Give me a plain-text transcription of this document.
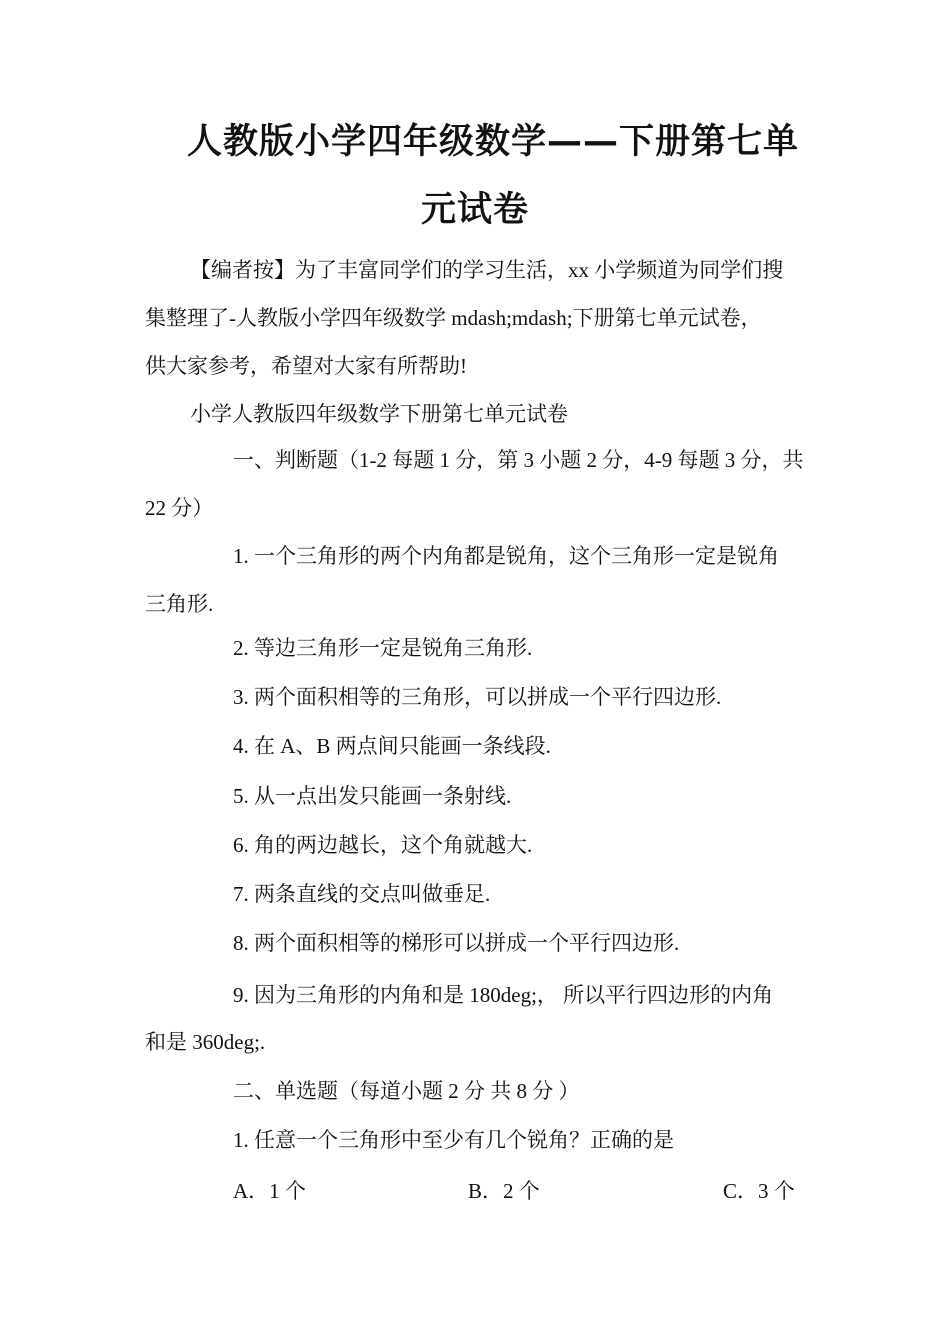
人教版小学四年级数学——下册第七单
元试卷
【编者按】为了丰富同学们的学习生活，xx 小学频道为同学们搜
集整理了-人教版小学四年级数学 mdash;mdash;下册第七单元试卷，
供大家参考，希望对大家有所帮助!
小学人教版四年级数学下册第七单元试卷
一、判断题（1-2 每题 1 分，第 3 小题 2 分，4-9 每题 3 分，共
22 分）
1. 一个三角形的两个内角都是锐角，这个三角形一定是锐角
三角形.
2. 等边三角形一定是锐角三角形.
3. 两个面积相等的三角形，可以拼成一个平行四边形.
4. 在 A、B 两点间只能画一条线段.
5. 从一点出发只能画一条射线.
6. 角的两边越长，这个角就越大.
7. 两条直线的交点叫做垂足.
8. 两个面积相等的梯形可以拼成一个平行四边形.
9. 因为三角形的内角和是 180deg;， 所以平行四边形的内角
和是 360deg;.
二、单选题（每道小题 2 分 共 8 分 ）
1. 任意一个三角形中至少有几个锐角？正确的是
A．1 个	B．2 个	C．3 个
